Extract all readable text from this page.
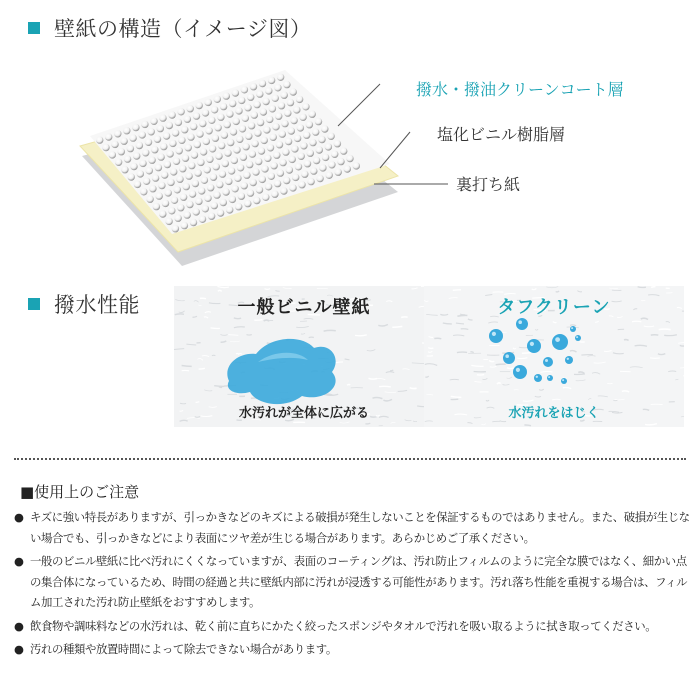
壁紙の構造（イメージ図）
撥水・撥油クリーンコート層
塩化ビニル樹脂層
裏打ち紙
撥水性能	一般ビニル壁紙
水汚れが全体に広がる
タフクリーン
水汚れをはじく
■使用上のご注意
● キズに強い特長がありますが、引っかきなどのキズによる破損が発生しないことを保証するものではありません。また、破損が生じない場合でも、引っかきなどにより表面にツヤ差が生じる場合があります。あらかじめご了承ください。
● 一般のビニル壁紙に比べ汚れにくくなっていますが、表面のコーティングは、汚れ防止フィルムのように完全な膜ではなく、細かい点の集合体になっているため、時間の経過と共に壁紙内部に汚れが浸透する可能性があります。汚れ落ち性能を重視する場合は、フィルム加工された汚れ防止壁紙をおすすめします。
● 飲食物や調味料などの水汚れは、乾く前に直ちにかたく絞ったスポンジやタオルで汚れを吸い取るように拭き取ってください。
● 汚れの種類や放置時間によって除去できない場合があります。
